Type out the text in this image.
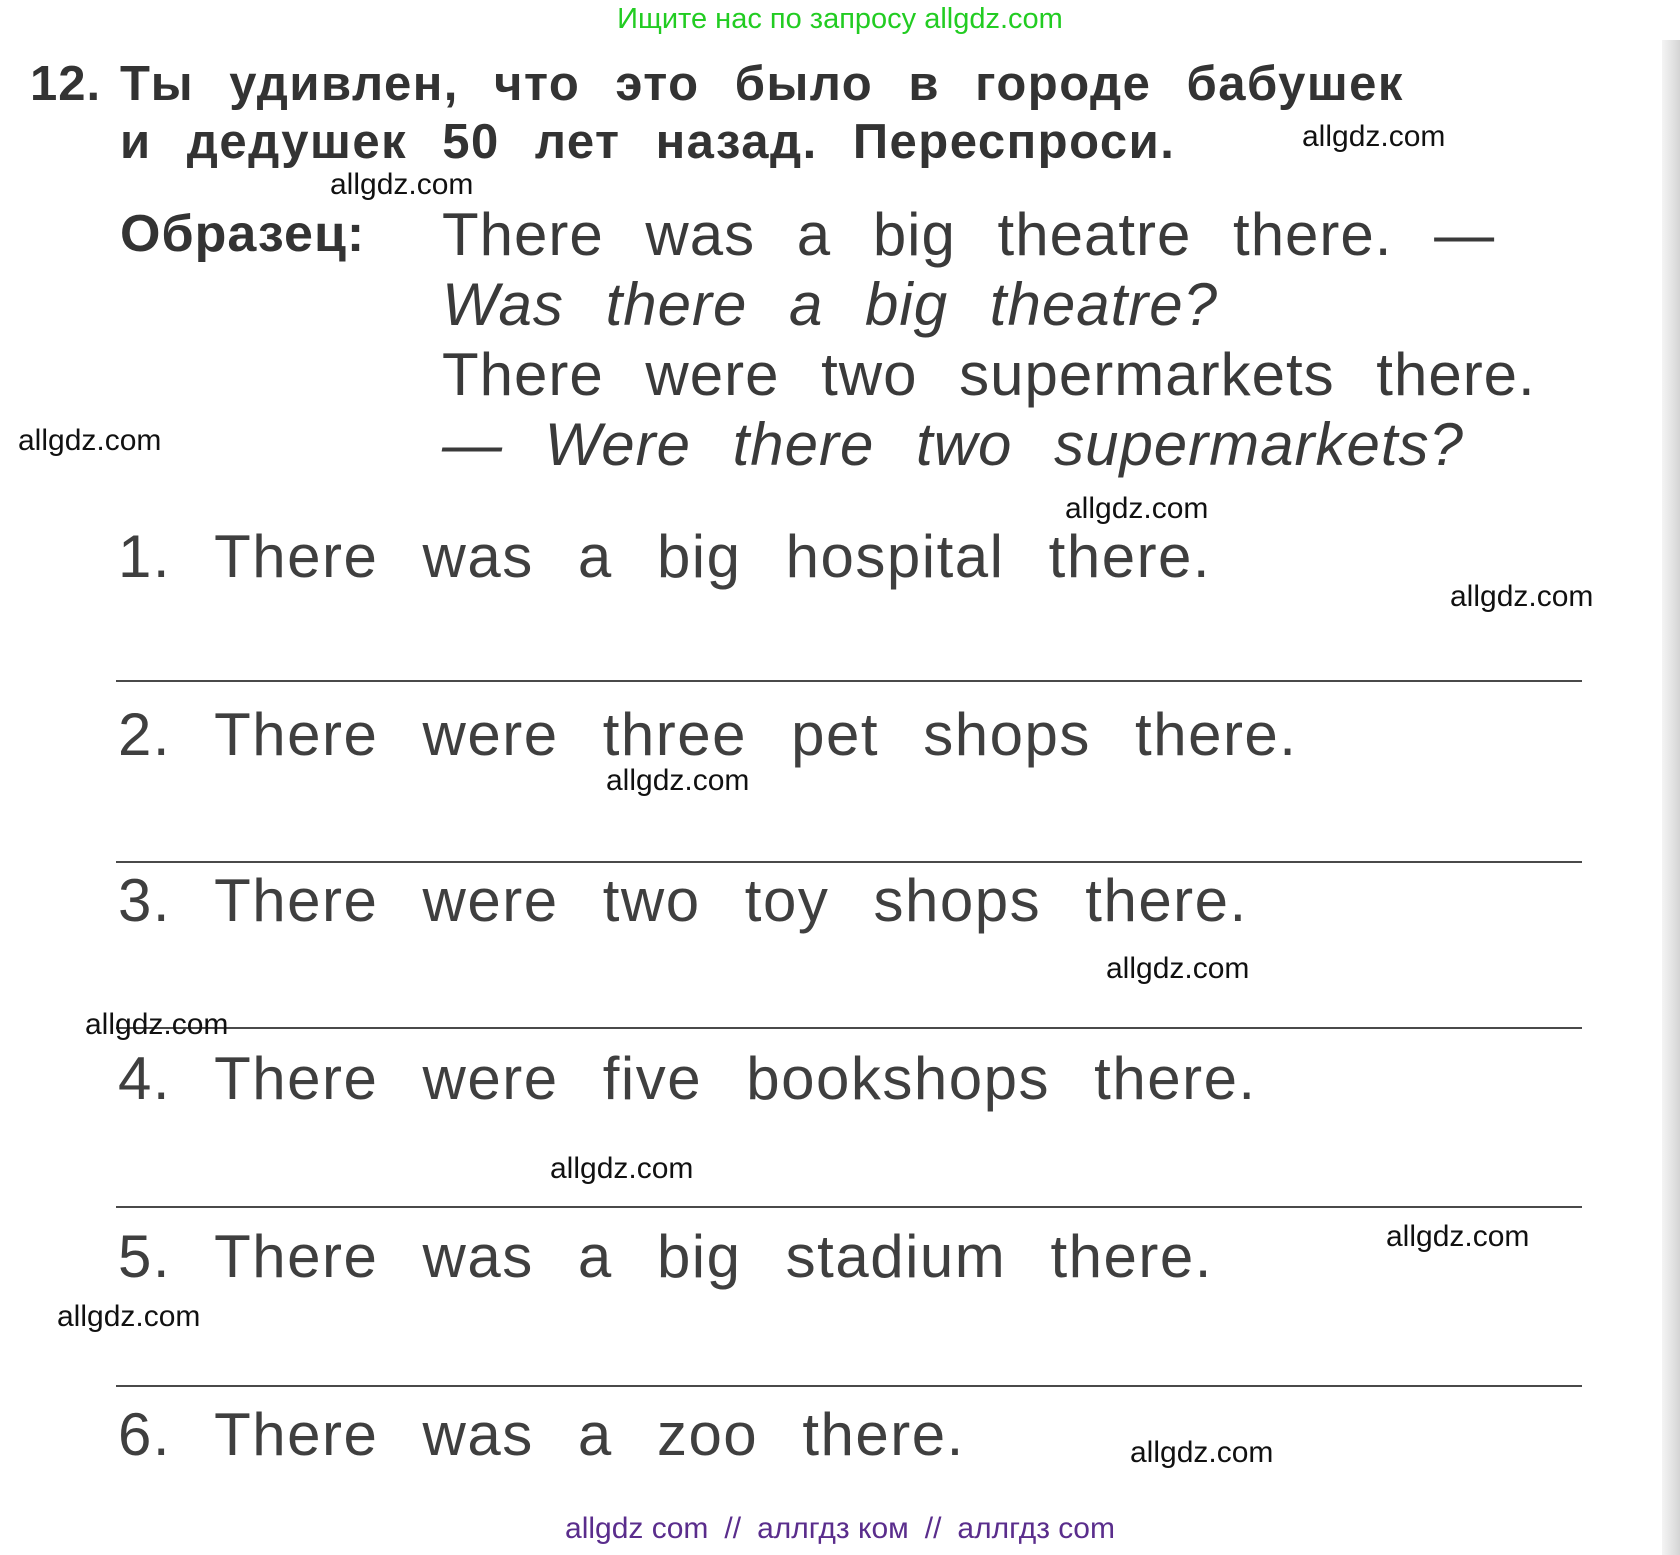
Ищите нас по запросу allgdz.com
12. Ты удивлен, что это было в городе бабушек
и дедушек 50 лет назад. Переспроси.
Образец: There was a big theatre there. —
Was there a big theatre?
There were two supermarkets there.
— Were there two supermarkets?
1. There was a big hospital there.
2. There were three pet shops there.
3. There were two toy shops there.
4. There were five bookshops there.
5. There was a big stadium there.
6. There was a zoo there.
allgdz.com
allgdz.com
allgdz.com
allgdz.com
allgdz.com
allgdz.com
allgdz.com
allgdz.com
allgdz.com
allgdz.com
allgdz.com
allgdz.com
allgdz com // аллгдз ком // аллгдз com
